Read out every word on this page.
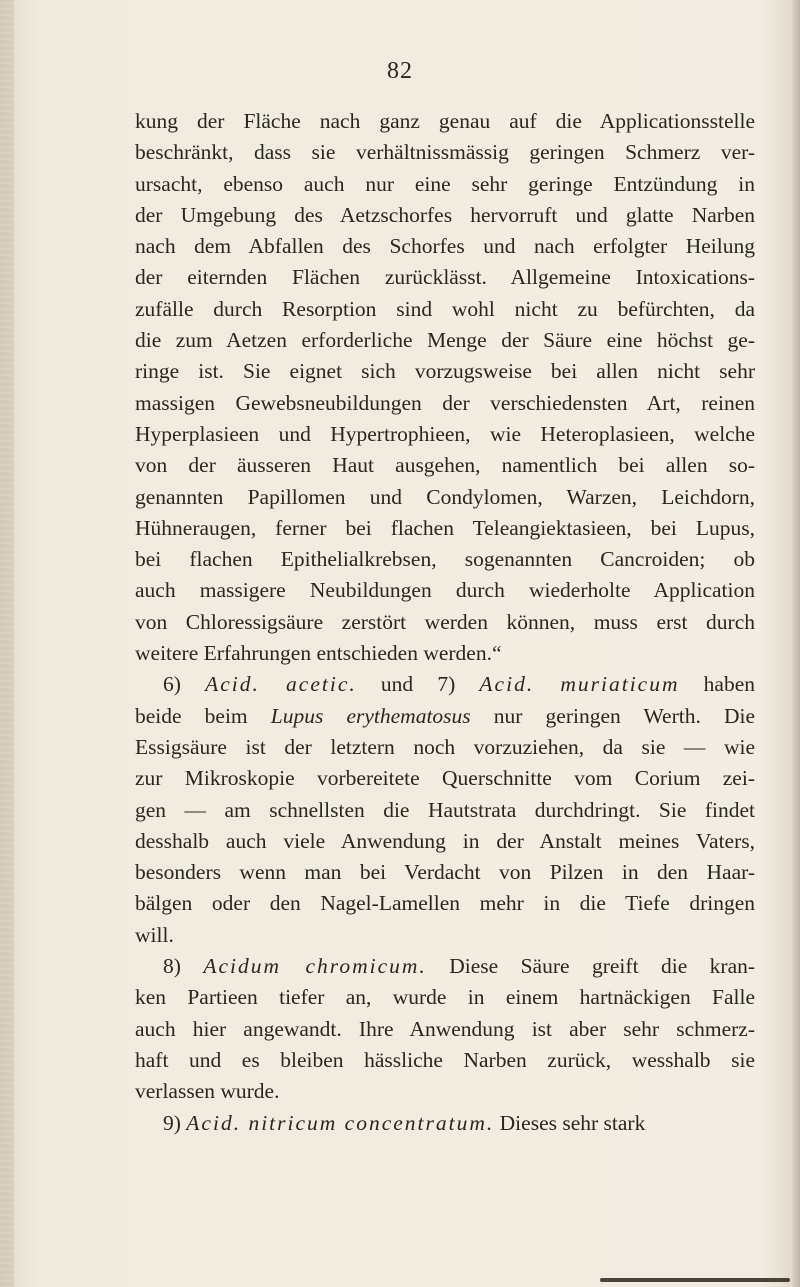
82
kung der Fläche nach ganz genau auf die Applicationsstelle
beschränkt, dass sie verhältnissmässig geringen Schmerz ver-
ursacht, ebenso auch nur eine sehr geringe Entzündung in
der Umgebung des Aetzschorfes hervorruft und glatte Narben
nach dem Abfallen des Schorfes und nach erfolgter Heilung
der eiternden Flächen zurücklässt. Allgemeine Intoxications-
zufälle durch Resorption sind wohl nicht zu befürchten, da
die zum Aetzen erforderliche Menge der Säure eine höchst ge-
ringe ist. Sie eignet sich vorzugsweise bei allen nicht sehr
massigen Gewebsneubildungen der verschiedensten Art, reinen
Hyperplasieen und Hypertrophieen, wie Heteroplasieen, welche
von der äusseren Haut ausgehen, namentlich bei allen so-
genannten Papillomen und Condylomen, Warzen, Leichdorn,
Hühneraugen, ferner bei flachen Teleangiektasieen, bei Lupus,
bei flachen Epithelialkrebsen, sogenannten Cancroiden; ob
auch massigere Neubildungen durch wiederholte Application
von Chloressigsäure zerstört werden können, muss erst durch
weitere Erfahrungen entschieden werden.“
6) Acid. acetic. und 7) Acid. muriaticum haben
beide beim Lupus erythematosus nur geringen Werth. Die
Essigsäure ist der letztern noch vorzuziehen, da sie — wie
zur Mikroskopie vorbereitete Querschnitte vom Corium zei-
gen — am schnellsten die Hautstrata durchdringt. Sie findet
desshalb auch viele Anwendung in der Anstalt meines Vaters,
besonders wenn man bei Verdacht von Pilzen in den Haar-
bälgen oder den Nagel-Lamellen mehr in die Tiefe dringen
will.
8) Acidum chromicum. Diese Säure greift die kran-
ken Partieen tiefer an, wurde in einem hartnäckigen Falle
auch hier angewandt. Ihre Anwendung ist aber sehr schmerz-
haft und es bleiben hässliche Narben zurück, wesshalb sie
verlassen wurde.
9) Acid. nitricum concentratum. Dieses sehr stark
